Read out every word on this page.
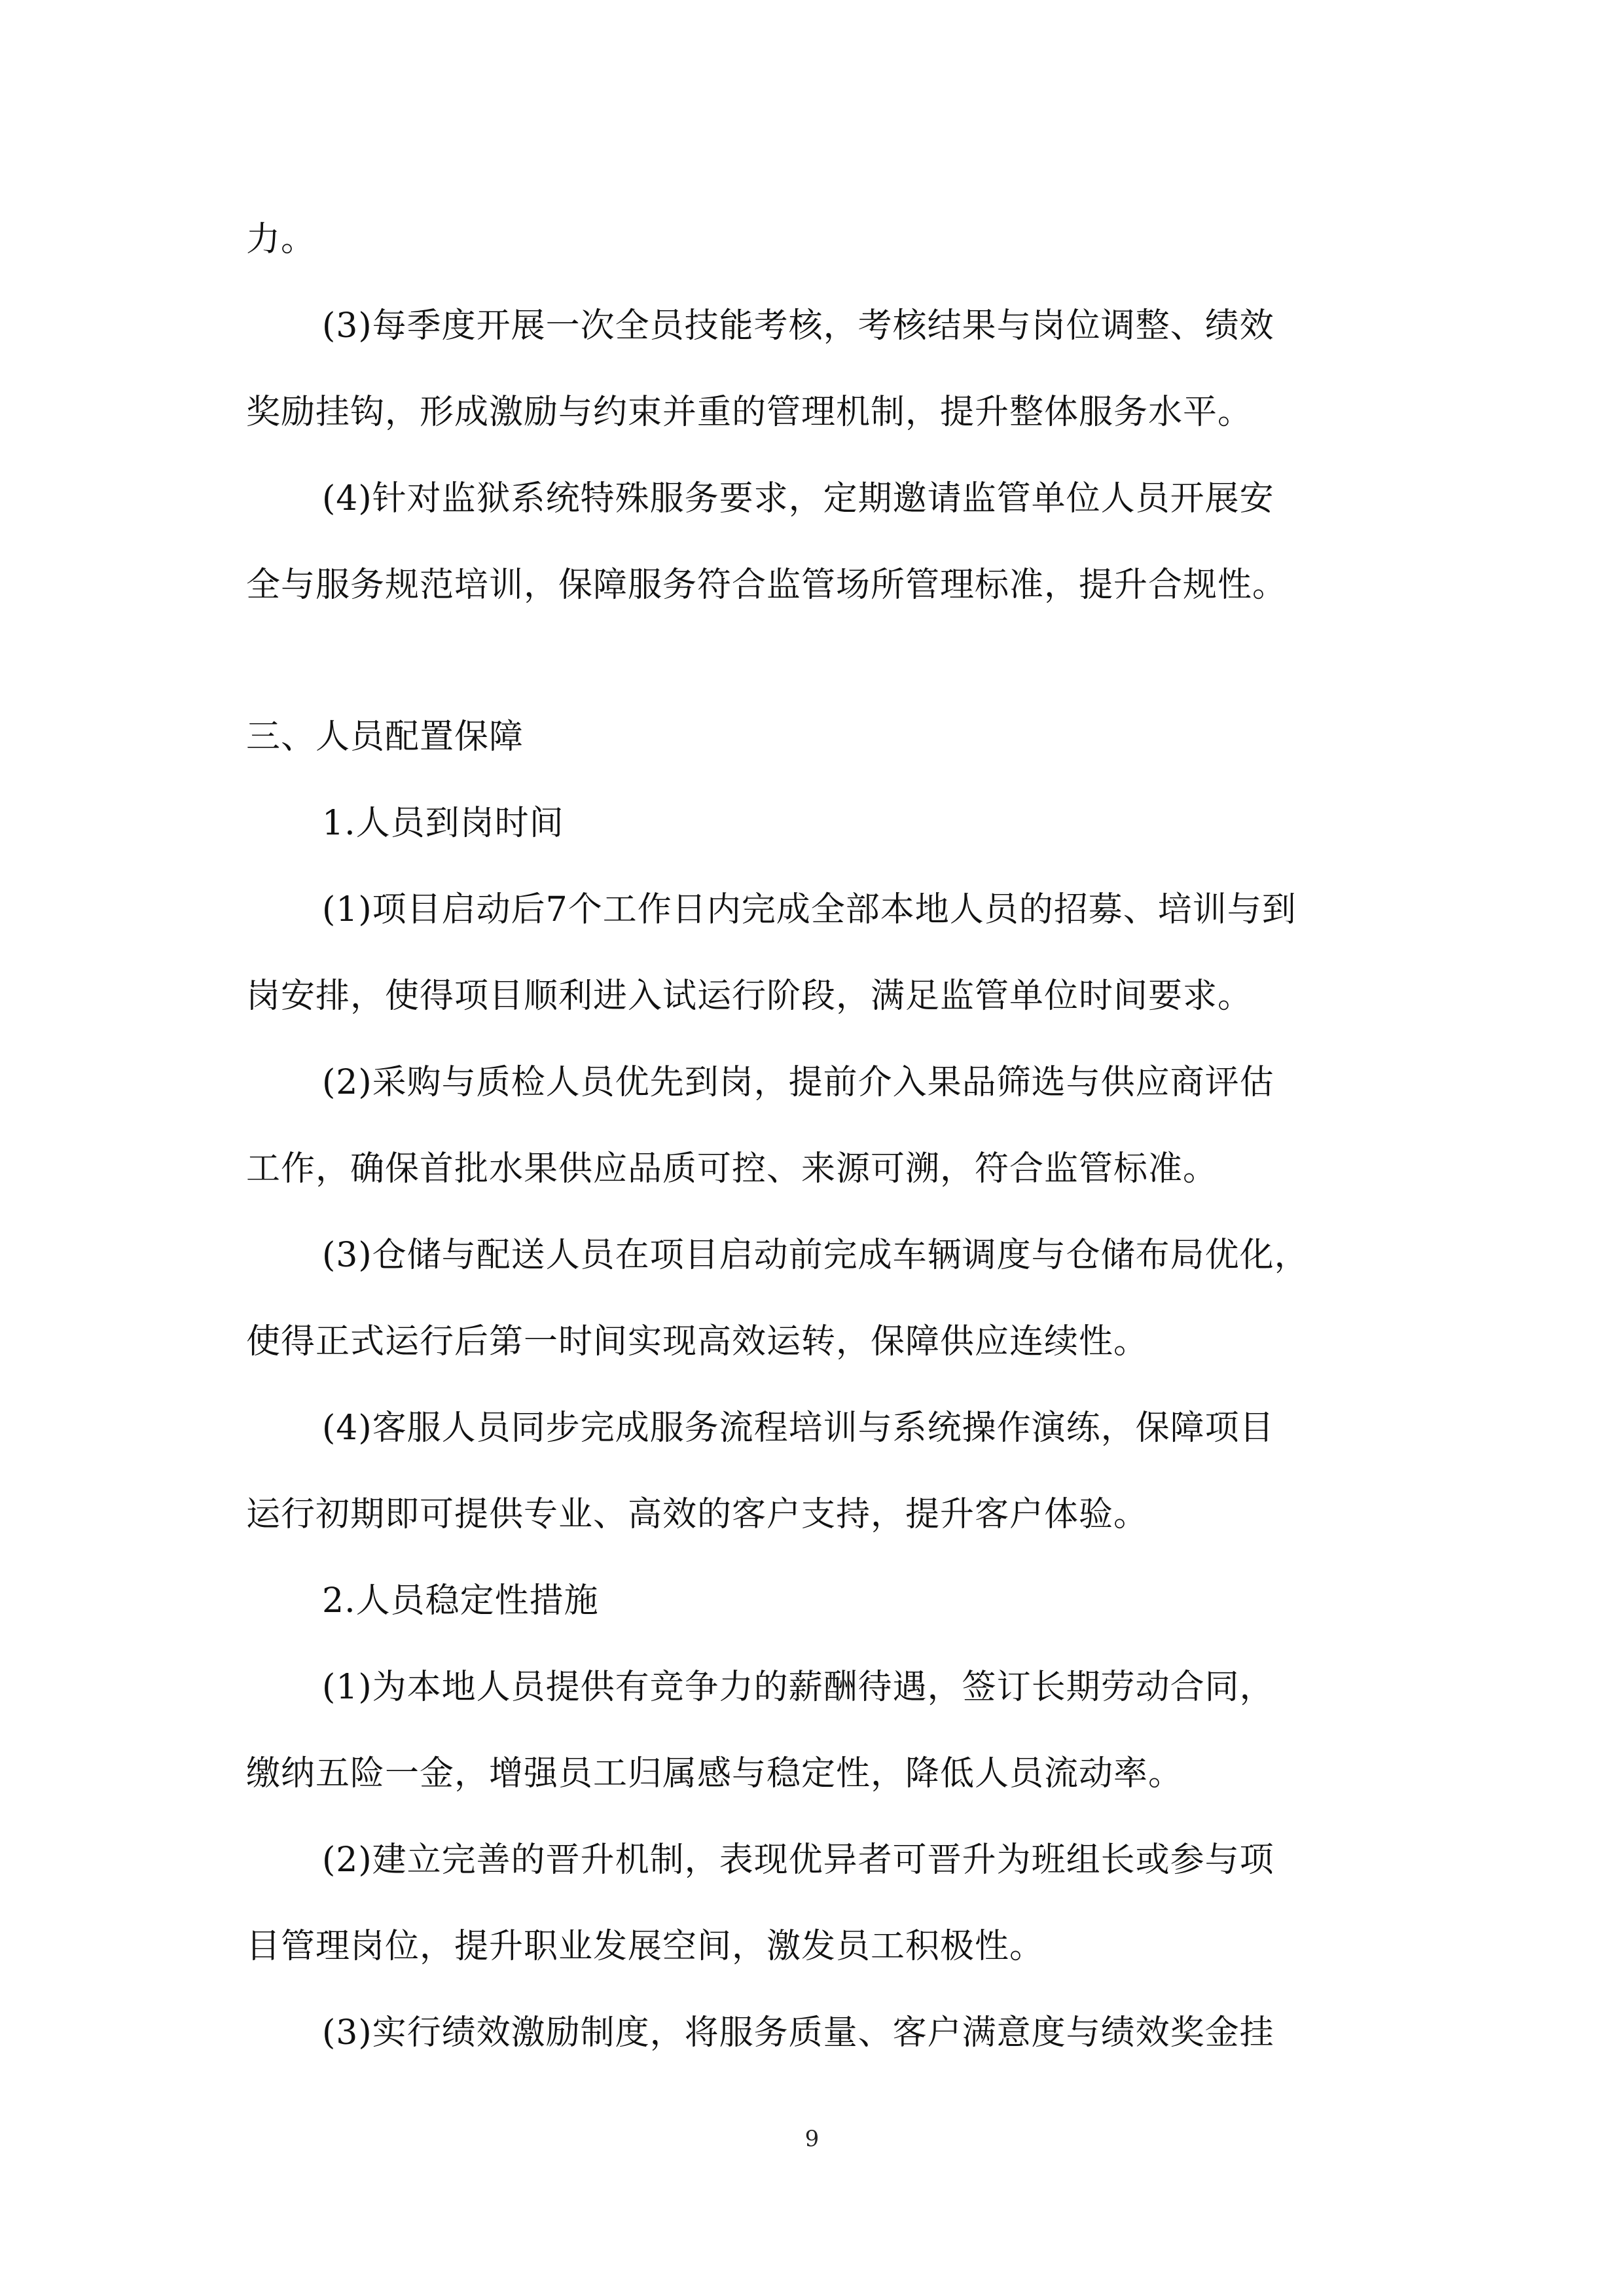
力。
(3)每季度开展一次全员技能考核，考核结果与岗位调整、绩效
奖励挂钩，形成激励与约束并重的管理机制，提升整体服务水平。
(4)针对监狱系统特殊服务要求，定期邀请监管单位人员开展安
全与服务规范培训，保障服务符合监管场所管理标准，提升合规性。
三、人员配置保障
1.人员到岗时间
(1)项目启动后7个工作日内完成全部本地人员的招募、培训与到
岗安排，使得项目顺利进入试运行阶段，满足监管单位时间要求。
(2)采购与质检人员优先到岗，提前介入果品筛选与供应商评估
工作，确保首批水果供应品质可控、来源可溯，符合监管标准。
(3)仓储与配送人员在项目启动前完成车辆调度与仓储布局优化，
使得正式运行后第一时间实现高效运转，保障供应连续性。
(4)客服人员同步完成服务流程培训与系统操作演练，保障项目
运行初期即可提供专业、高效的客户支持，提升客户体验。
2.人员稳定性措施
(1)为本地人员提供有竞争力的薪酬待遇，签订长期劳动合同，
缴纳五险一金，增强员工归属感与稳定性，降低人员流动率。
(2)建立完善的晋升机制，表现优异者可晋升为班组长或参与项
目管理岗位，提升职业发展空间，激发员工积极性。
(3)实行绩效激励制度，将服务质量、客户满意度与绩效奖金挂
9
